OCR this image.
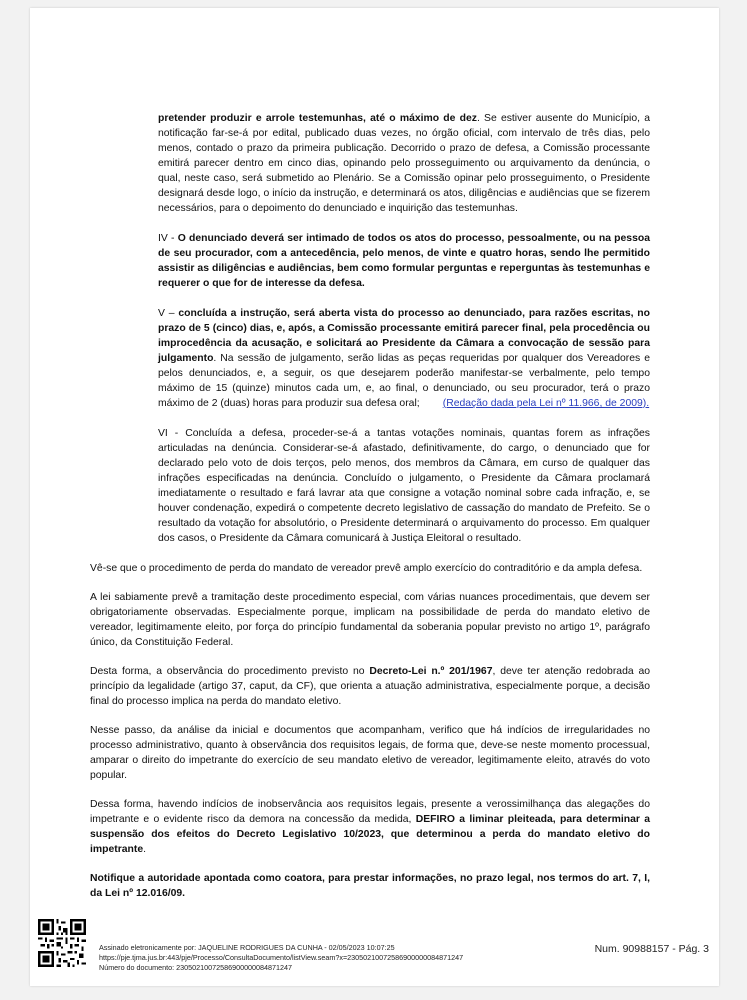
pretender produzir e arrole testemunhas, até o máximo de dez. Se estiver ausente do Município, a notificação far-se-á por edital, publicado duas vezes, no órgão oficial, com intervalo de três dias, pelo menos, contado o prazo da primeira publicação. Decorrido o prazo de defesa, a Comissão processante emitirá parecer dentro em cinco dias, opinando pelo prosseguimento ou arquivamento da denúncia, o qual, neste caso, será submetido ao Plenário. Se a Comissão opinar pelo prosseguimento, o Presidente designará desde logo, o início da instrução, e determinará os atos, diligências e audiências que se fizerem necessários, para o depoimento do denunciado e inquirição das testemunhas.
IV - O denunciado deverá ser intimado de todos os atos do processo, pessoalmente, ou na pessoa de seu procurador, com a antecedência, pelo menos, de vinte e quatro horas, sendo lhe permitido assistir as diligências e audiências, bem como formular perguntas e reperguntas às testemunhas e requerer o que for de interesse da defesa.
V – concluída a instrução, será aberta vista do processo ao denunciado, para razões escritas, no prazo de 5 (cinco) dias, e, após, a Comissão processante emitirá parecer final, pela procedência ou improcedência da acusação, e solicitará ao Presidente da Câmara a convocação de sessão para julgamento. Na sessão de julgamento, serão lidas as peças requeridas por qualquer dos Vereadores e pelos denunciados, e, a seguir, os que desejarem poderão manifestar-se verbalmente, pelo tempo máximo de 15 (quinze) minutos cada um, e, ao final, o denunciado, ou seu procurador, terá o prazo máximo de 2 (duas) horas para produzir sua defesa oral; (Redação dada pela Lei nº 11.966, de 2009).
VI - Concluída a defesa, proceder-se-á a tantas votações nominais, quantas forem as infrações articuladas na denúncia. Considerar-se-á afastado, definitivamente, do cargo, o denunciado que for declarado pelo voto de dois terços, pelo menos, dos membros da Câmara, em curso de qualquer das infrações especificadas na denúncia. Concluído o julgamento, o Presidente da Câmara proclamará imediatamente o resultado e fará lavrar ata que consigne a votação nominal sobre cada infração, e, se houver condenação, expedirá o competente decreto legislativo de cassação do mandato de Prefeito. Se o resultado da votação for absolutório, o Presidente determinará o arquivamento do processo. Em qualquer dos casos, o Presidente da Câmara comunicará à Justiça Eleitoral o resultado.
Vê-se que o procedimento de perda do mandato de vereador prevê amplo exercício do contraditório e da ampla defesa.
A lei sabiamente prevê a tramitação deste procedimento especial, com várias nuances procedimentais, que devem ser obrigatoriamente observadas. Especialmente porque, implicam na possibilidade de perda do mandato eletivo de vereador, legitimamente eleito, por força do princípio fundamental da soberania popular previsto no artigo 1º, parágrafo único, da Constituição Federal.
Desta forma, a observância do procedimento previsto no Decreto-Lei n.º 201/1967, deve ter atenção redobrada ao princípio da legalidade (artigo 37, caput, da CF), que orienta a atuação administrativa, especialmente porque, a decisão final do processo implica na perda do mandato eletivo.
Nesse passo, da análise da inicial e documentos que acompanham, verifico que há indícios de irregularidades no processo administrativo, quanto à observância dos requisitos legais, de forma que, deve-se neste momento processual, amparar o direito do impetrante do exercício de seu mandato eletivo de vereador, legitimamente eleito, através do voto popular.
Dessa forma, havendo indícios de inobservância aos requisitos legais, presente a verossimilhança das alegações do impetrante e o evidente risco da demora na concessão da medida, DEFIRO a liminar pleiteada, para determinar a suspensão dos efeitos do Decreto Legislativo 10/2023, que determinou a perda do mandato eletivo do impetrante.
Notifique a autoridade apontada como coatora, para prestar informações, no prazo legal, nos termos do art. 7, I, da Lei nº 12.016/09.
Assinado eletronicamente por: JAQUELINE RODRIGUES DA CUNHA - 02/05/2023 10:07:25
https://pje.tjma.jus.br:443/pje/Processo/ConsultaDocumento/listView.seam?x=23050210072586900000084871247
Número do documento: 23050210072586900000084871247
Num. 90988157 - Pág. 3
